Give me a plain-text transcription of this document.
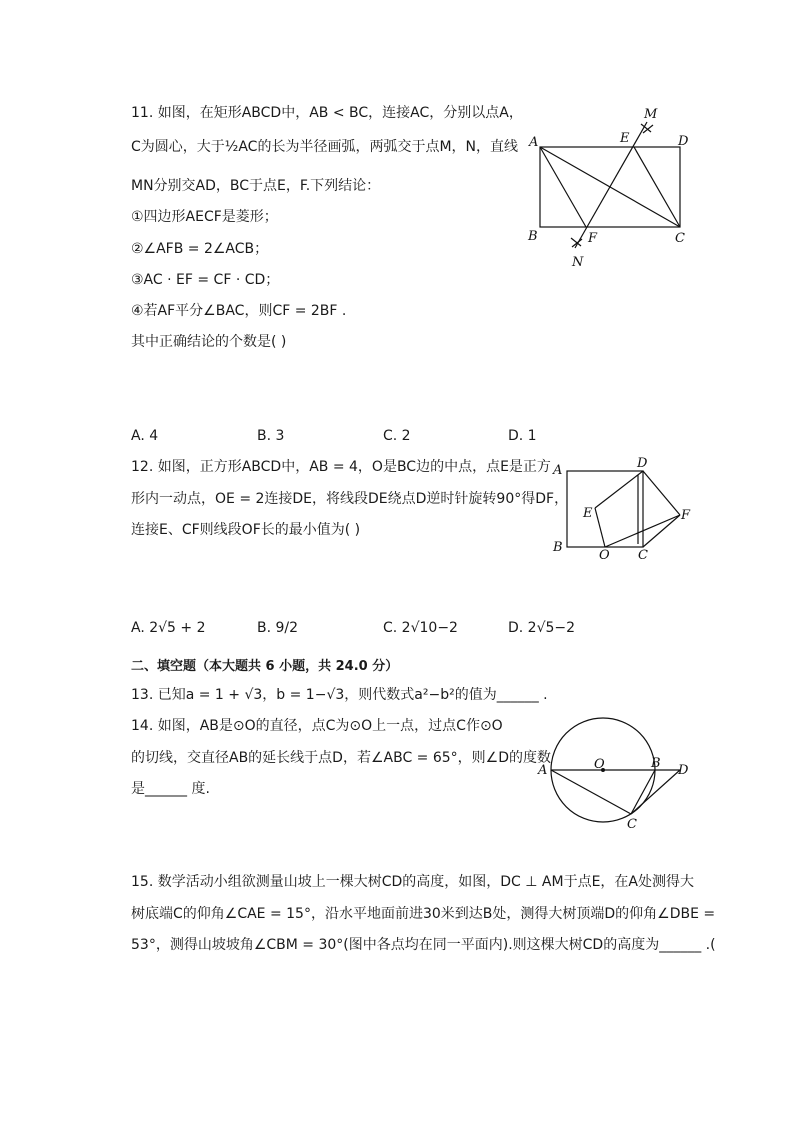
11. 如图，在矩形ABCD中，AB < BC，连接AC，分别以点A，
C为圆心，大于½AC的长为半径画弧，两弧交于点M，N，直线
MN分别交AD，BC于点E，F.下列结论：
①四边形AECF是菱形；
②∠AFB = 2∠ACB；
③AC · EF = CF · CD；
④若AF平分∠BAC，则CF = 2BF .
其中正确结论的个数是( )
M
A	E	D
B	F	C
N
A. 4	B. 3	C. 2	D. 1
12. 如图，正方形ABCD中，AB = 4，O是BC边的中点，点E是正方
形内一动点，OE = 2连接DE，将线段DE绕点D逆时针旋转90°得DF，
连接E、CF则线段OF长的最小值为( )
A	D
E	F
B
O C
A. 2√5 + 2	B. 9/2	C. 2√10−2	D. 2√5−2
二、填空题（本大题共 6 小题，共 24.0 分）
13. 已知a = 1 + √3，b = 1−√3，则代数式a²−b²的值为______ .
14. 如图，AB是⊙O的直径，点C为⊙O上一点，过点C作⊙O
的切线，交直径AB的延长线于点D，若∠ABC = 65°，则∠D的度数
是______ 度.
A	O	B D
C
15. 数学活动小组欲测量山坡上一棵大树CD的高度，如图，DC ⊥ AM于点E，在A处测得大
树底端C的仰角∠CAE = 15°，沿水平地面前进30米到达B处，测得大树顶端D的仰角∠DBE =
53°，测得山坡坡角∠CBM = 30°(图中各点均在同一平面内).则这棵大树CD的高度为______ .(
